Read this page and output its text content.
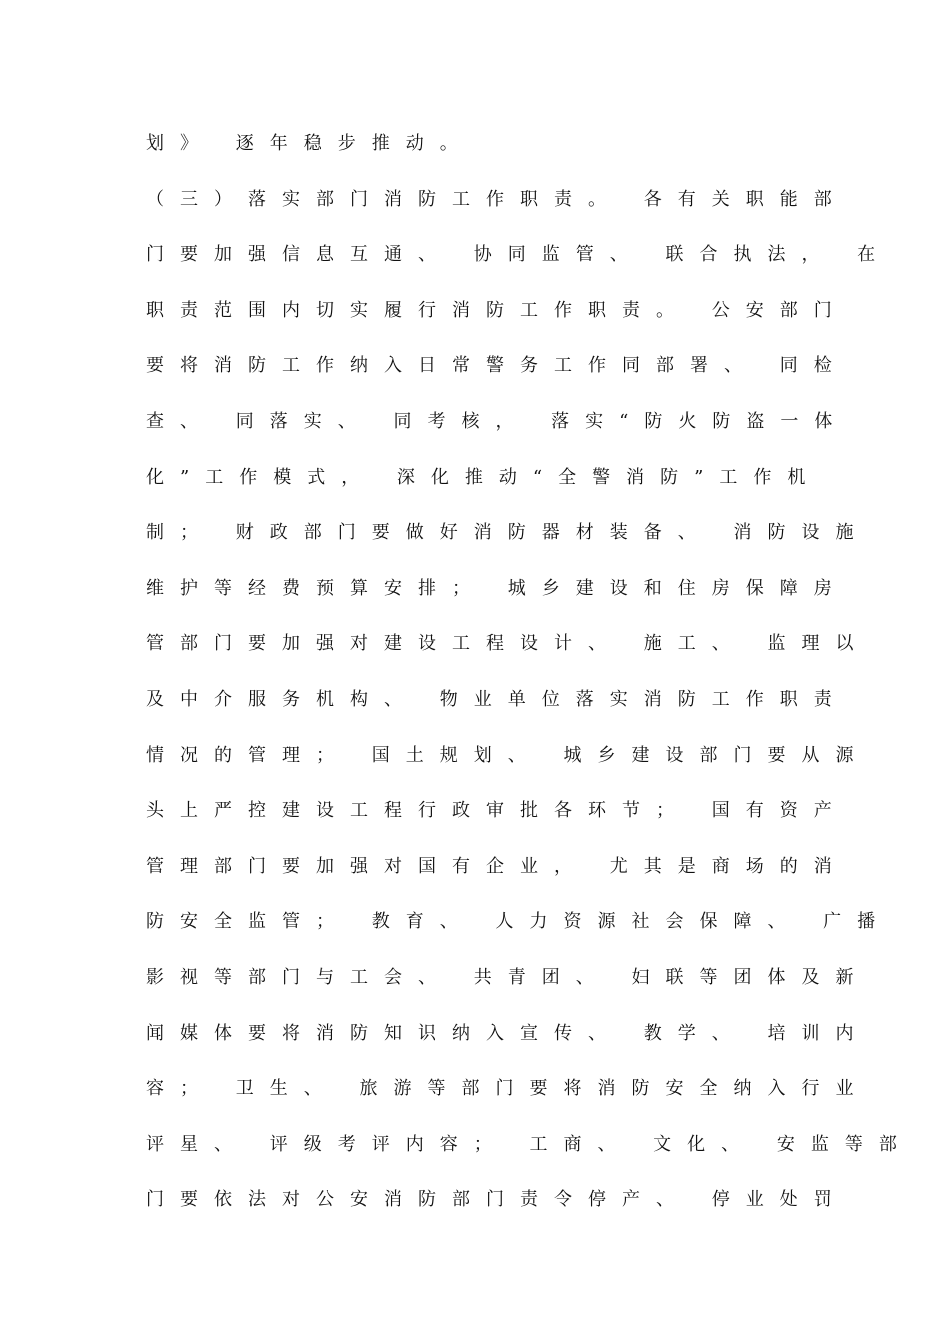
划》 逐年稳步推动。
（三）落实部门消防工作职责。 各有关职能部
门要加强信息互通、 协同监管、 联合执法， 在
职责范围内切实履行消防工作职责。 公安部门
要将消防工作纳入日常警务工作同部署、 同检
查、 同落实、 同考核， 落实“防火防盗一体
化”工作模式， 深化推动“全警消防”工作机
制； 财政部门要做好消防器材装备、 消防设施
维护等经费预算安排； 城乡建设和住房保障房
管部门要加强对建设工程设计、 施工、 监理以
及中介服务机构、 物业单位落实消防工作职责
情况的管理； 国土规划、 城乡建设部门要从源
头上严控建设工程行政审批各环节； 国有资产
管理部门要加强对国有企业， 尤其是商场的消
防安全监管； 教育、 人力资源社会保障、 广播
影视等部门与工会、 共青团、 妇联等团体及新
闻媒体要将消防知识纳入宣传、 教学、 培训内
容； 卫生、 旅游等部门要将消防安全纳入行业
评星、 评级考评内容； 工商、 文化、 安监等部
门要依法对公安消防部门责令停产、 停业处罚
